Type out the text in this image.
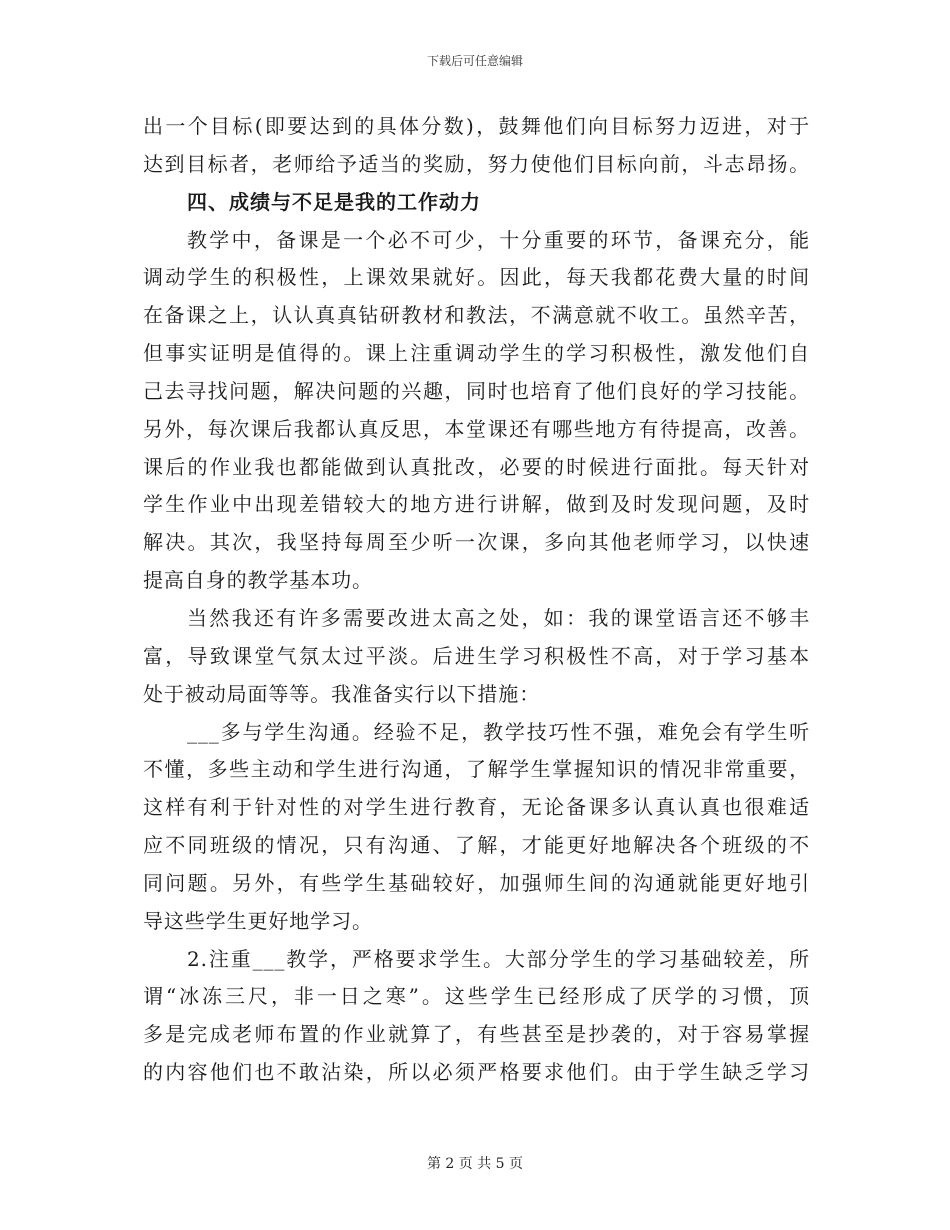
下载后可任意编辑
出一个目标(即要达到的具体分数)，鼓舞他们向目标努力迈进，对于
达到目标者，老师给予适当的奖励，努力使他们目标向前，斗志昂扬。
四、成绩与不足是我的工作动力
教学中，备课是一个必不可少，十分重要的环节，备课充分，能
调动学生的积极性，上课效果就好。因此，每天我都花费大量的时间
在备课之上，认认真真钻研教材和教法，不满意就不收工。虽然辛苦，
但事实证明是值得的。课上注重调动学生的学习积极性，激发他们自
己去寻找问题，解决问题的兴趣，同时也培育了他们良好的学习技能。
另外，每次课后我都认真反思，本堂课还有哪些地方有待提高，改善。
课后的作业我也都能做到认真批改，必要的时候进行面批。每天针对
学生作业中出现差错较大的地方进行讲解，做到及时发现问题，及时
解决。其次，我坚持每周至少听一次课，多向其他老师学习，以快速
提高自身的教学基本功。
当然我还有许多需要改进太高之处，如：我的课堂语言还不够丰
富，导致课堂气氛太过平淡。后进生学习积极性不高，对于学习基本
处于被动局面等等。我准备实行以下措施：
___多与学生沟通。经验不足，教学技巧性不强，难免会有学生听
不懂，多些主动和学生进行沟通，了解学生掌握知识的情况非常重要，
这样有利于针对性的对学生进行教育，无论备课多认真认真也很难适
应不同班级的情况，只有沟通、了解，才能更好地解决各个班级的不
同问题。另外，有些学生基础较好，加强师生间的沟通就能更好地引
导这些学生更好地学习。
2.注重___教学，严格要求学生。大部分学生的学习基础较差，所
谓“冰冻三尺，非一日之寒”。这些学生已经形成了厌学的习惯，顶
多是完成老师布置的作业就算了，有些甚至是抄袭的，对于容易掌握
的内容他们也不敢沾染，所以必须严格要求他们。由于学生缺乏学习
第 2 页 共 5 页
